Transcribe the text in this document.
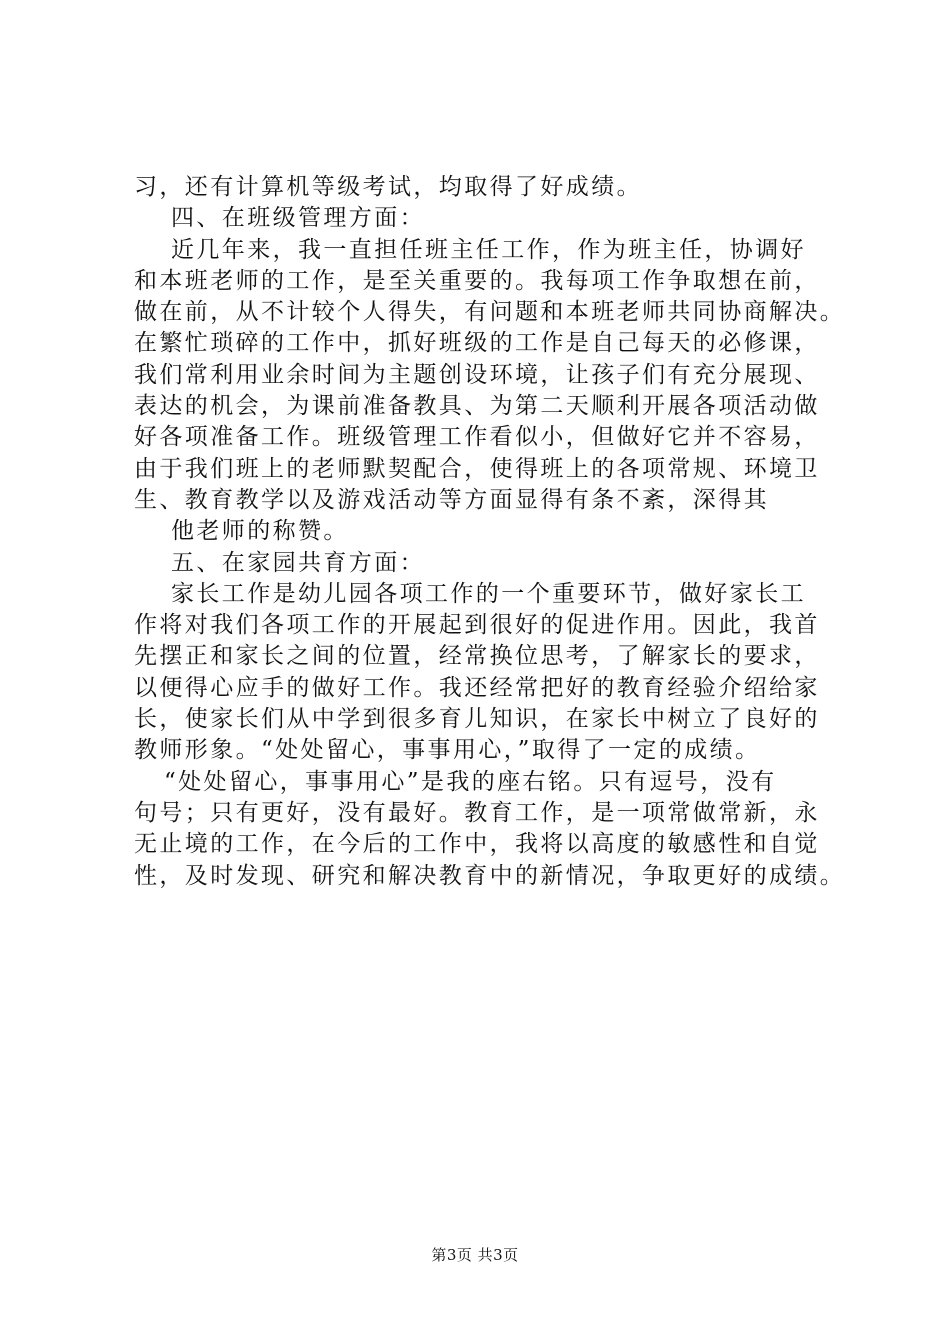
习，还有计算机等级考试，均取得了好成绩。
四、在班级管理方面：
近几年来，我一直担任班主任工作，作为班主任，协调好
和本班老师的工作，是至关重要的。我每项工作争取想在前，
做在前，从不计较个人得失，有问题和本班老师共同协商解决。
在繁忙琐碎的工作中，抓好班级的工作是自己每天的必修课，
我们常利用业余时间为主题创设环境，让孩子们有充分展现、
表达的机会，为课前准备教具、为第二天顺利开展各项活动做
好各项准备工作。班级管理工作看似小，但做好它并不容易，
由于我们班上的老师默契配合，使得班上的各项常规、环境卫
生、教育教学以及游戏活动等方面显得有条不紊，深得其
他老师的称赞。
五、在家园共育方面：
家长工作是幼儿园各项工作的一个重要环节，做好家长工
作将对我们各项工作的开展起到很好的促进作用。因此，我首
先摆正和家长之间的位置，经常换位思考，了解家长的要求，
以便得心应手的做好工作。我还经常把好的教育经验介绍给家
长，使家长们从中学到很多育儿知识，在家长中树立了良好的
教师形象。“处处留心，事事用心，”取得了一定的成绩。
“处处留心，事事用心”是我的座右铭。只有逗号，没有
句号；只有更好，没有最好。教育工作，是一项常做常新，永
无止境的工作，在今后的工作中，我将以高度的敏感性和自觉
性，及时发现、研究和解决教育中的新情况，争取更好的成绩。
第3页 共3页
